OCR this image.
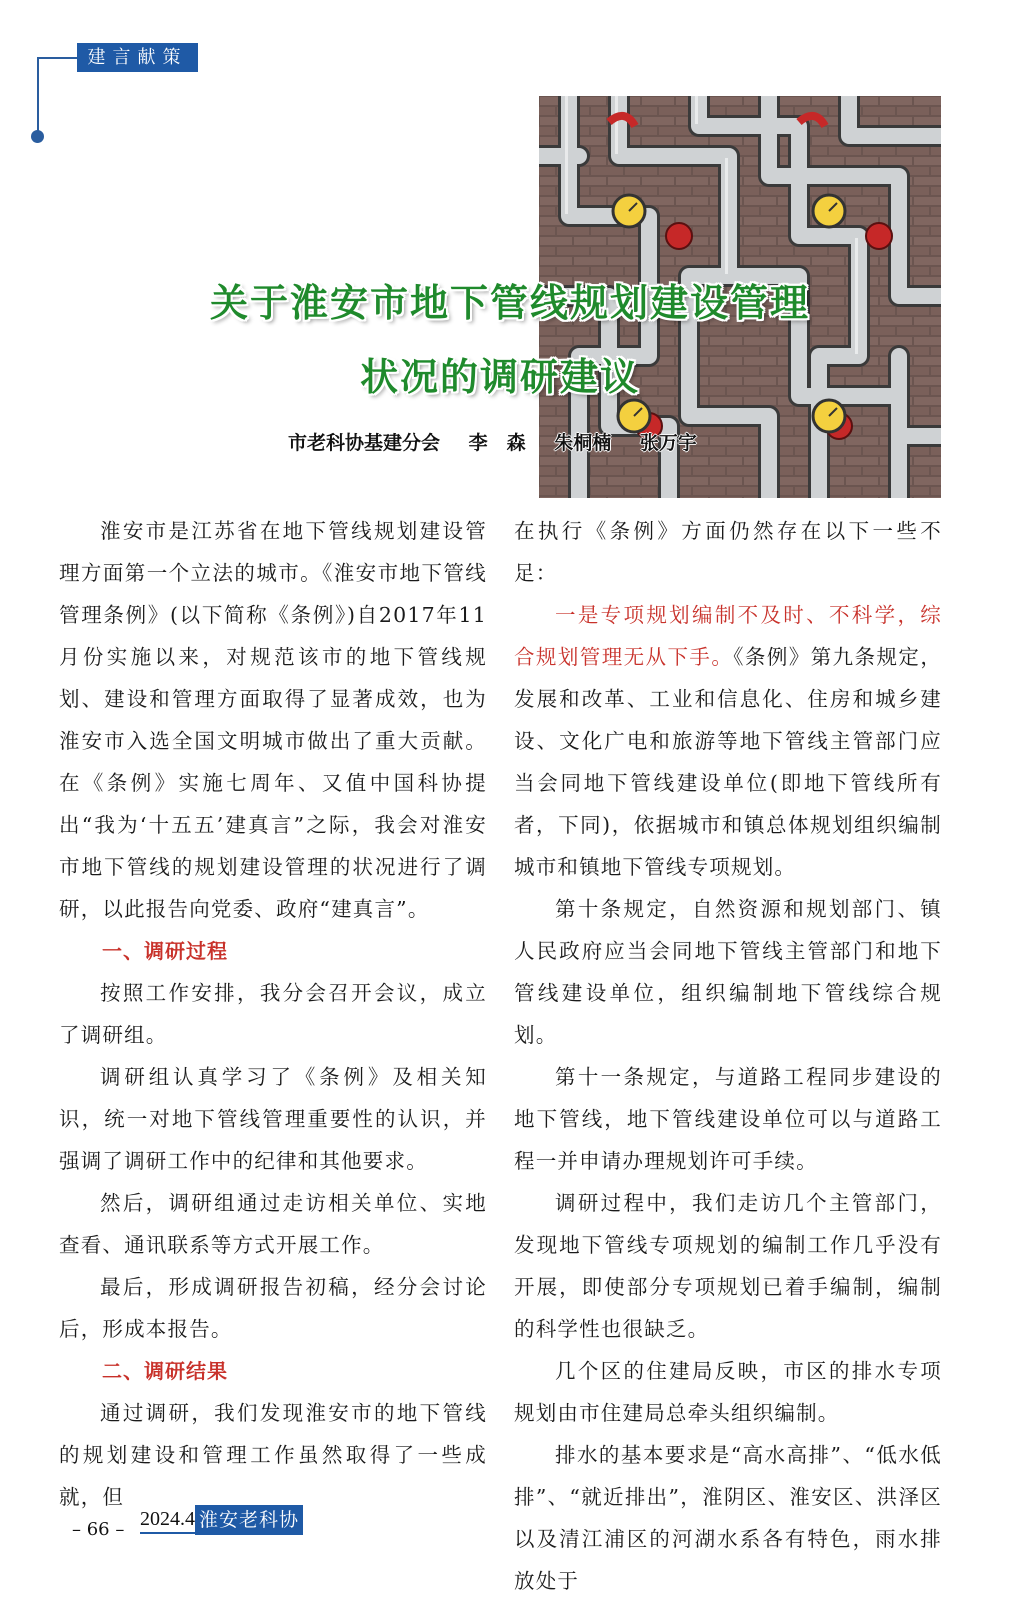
建言献策
关于淮安市地下管线规划建设管理
状况的调研建议
市老科协基建分会 李　森 朱桐楠 张万宇

淮安市是江苏省在地下管线规划建设管理方面第一个立法的城市。《淮安市地下管线管理条例》(以下简称《条例》)自2017年11月份实施以来，对规范该市的地下管线规划、建设和管理方面取得了显著成效，也为淮安市入选全国文明城市做出了重大贡献。在《条例》实施七周年、又值中国科协提出“我为‘十五五’建真言”之际，我会对淮安市地下管线的规划建设管理的状况进行了调研，以此报告向党委、政府“建真言”。

一、调研过程

按照工作安排，我分会召开会议，成立了调研组。

调研组认真学习了《条例》及相关知识，统一对地下管线管理重要性的认识，并强调了调研工作中的纪律和其他要求。

然后，调研组通过走访相关单位、实地查看、通讯联系等方式开展工作。

最后，形成调研报告初稿，经分会讨论后，形成本报告。

二、调研结果

通过调研，我们发现淮安市的地下管线的规划建设和管理工作虽然取得了一些成就，但

在执行《条例》方面仍然存在以下一些不足：

一是专项规划编制不及时、不科学，综合规划管理无从下手。《条例》第九条规定，发展和改革、工业和信息化、住房和城乡建设、文化广电和旅游等地下管线主管部门应当会同地下管线建设单位(即地下管线所有者，下同)，依据城市和镇总体规划组织编制城市和镇地下管线专项规划。

第十条规定，自然资源和规划部门、镇人民政府应当会同地下管线主管部门和地下管线建设单位，组织编制地下管线综合规划。

第十一条规定，与道路工程同步建设的地下管线，地下管线建设单位可以与道路工程一并申请办理规划许可手续。

调研过程中，我们走访几个主管部门，发现地下管线专项规划的编制工作几乎没有开展，即使部分专项规划已着手编制，编制的科学性也很缺乏。

几个区的住建局反映，市区的排水专项规划由市住建局总牵头组织编制。

排水的基本要求是“高水高排”、“低水低排”、“就近排出”，淮阴区、淮安区、洪泽区以及清江浦区的河湖水系各有特色，雨水排放处于

– 66 – 2024.4 淮安老科协
